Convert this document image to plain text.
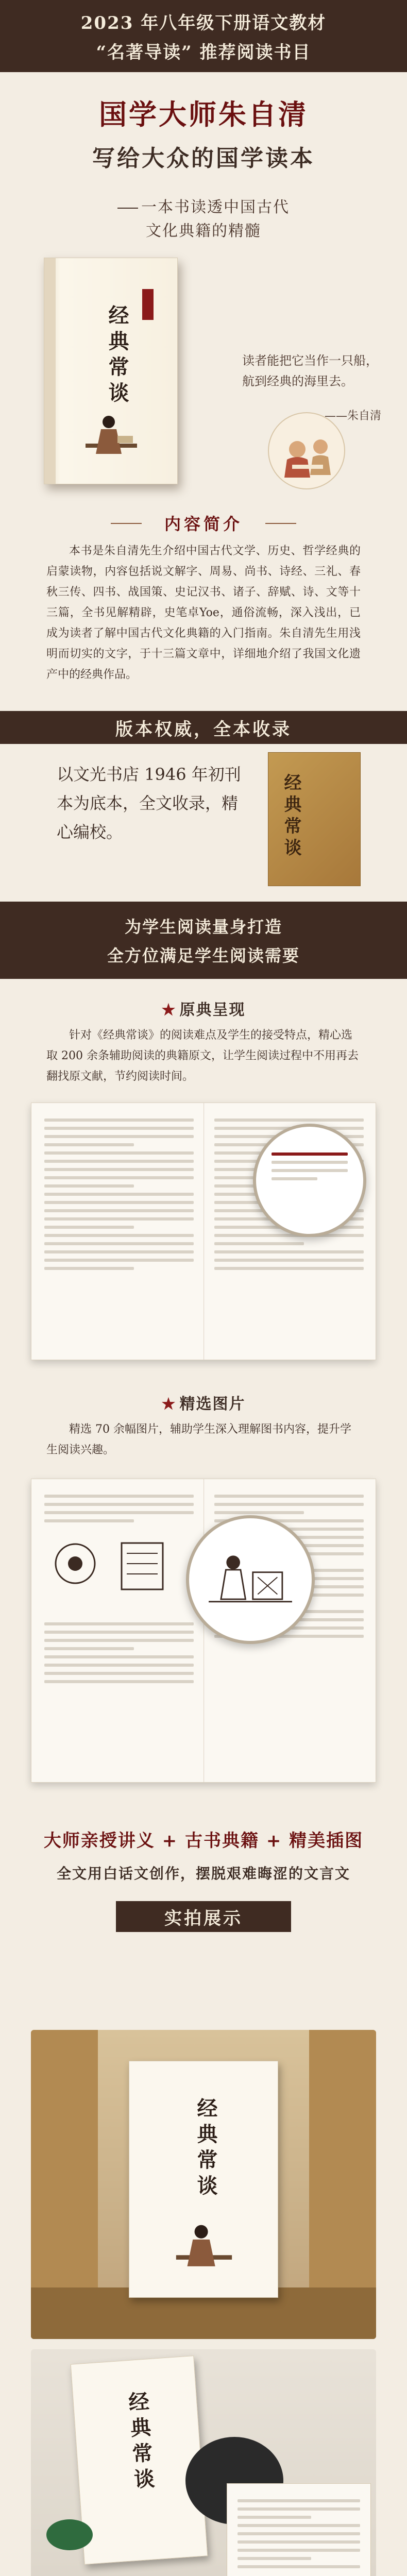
2023 年八年级下册语文教材
“名著导读” 推荐阅读书目
国学大师朱自清
写给大众的国学读本
一本书读透中国古代
文化典籍的精髓
经典常谈	读者能把它当作一只船，航到经典的海里去。
——朱自清
内容简介
本书是朱自清先生介绍中国古代文学、历史、哲学经典的启蒙读物，内容包括说文解字、周易、尚书、诗经、三礼、春秋三传、四书、战国策、史记汉书、诸子、辞赋、诗、文等十三篇，全书见解精辟，史笔卓Yoe，通俗流畅，深入浅出，已成为读者了解中国古代文化典籍的入门指南。朱自清先生用浅明而切实的文字，于十三篇文章中，详细地介绍了我国文化遗产中的经典作品。
版本权威，全本收录
以文光书店 1946 年初刊本为底本，全文收录，精心编校。	经典常谈
为学生阅读量身打造
全方位满足学生阅读需要
★ 原典呈现
针对《经典常谈》的阅读难点及学生的接受特点，精心选取 200 余条辅助阅读的典籍原文，让学生阅读过程中不用再去翻找原文献，节约阅读时间。
★ 精选图片
精选 70 余幅图片，辅助学生深入理解图书内容，提升学生阅读兴趣。
大师亲授讲义 + 古书典籍 + 精美插图
全文用白话文创作，摆脱艰难晦涩的文言文
实拍展示
经典常谈
经典常谈
